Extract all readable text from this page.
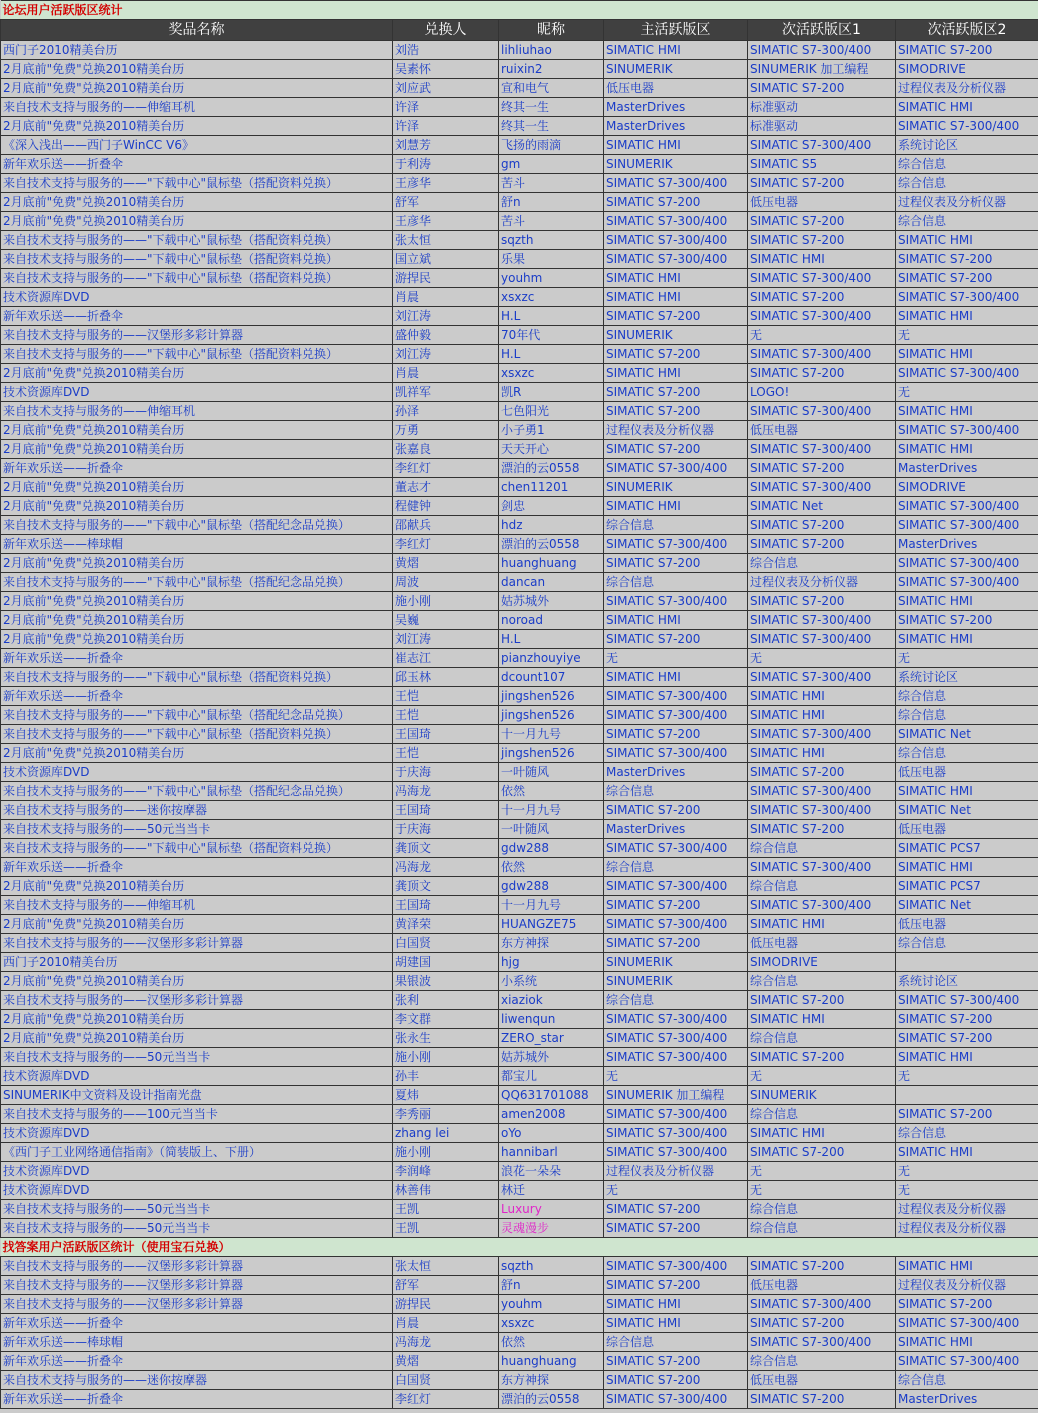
论坛用户活跃版区统计					
奖品名称	兑换人	昵称	主活跃版区	次活跃版区1	次活跃版区2
西门子2010精美台历	刘浩	lihliuhao	SIMATIC HMI	SIMATIC S7-300/400	SIMATIC S7-200
2月底前"免费"兑换2010精美台历	吴素怀	ruixin2	SINUMERIK	SINUMERIK 加工编程	SIMODRIVE
2月底前"免费"兑换2010精美台历	刘应武	宣和电气	低压电器	SIMATIC S7-200	过程仪表及分析仪器
来自技术支持与服务的——伸缩耳机	许泽	终其一生	MasterDrives	标准驱动	SIMATIC HMI
2月底前"免费"兑换2010精美台历	许泽	终其一生	MasterDrives	标准驱动	SIMATIC S7-300/400
《深入浅出——西门子WinCC V6》	刘慧芳	飞扬的雨滴	SIMATIC HMI	SIMATIC S7-300/400	系统讨论区
新年欢乐送——折叠伞	于利涛	gm	SINUMERIK	SIMATIC S5	综合信息
来自技术支持与服务的——"下载中心"鼠标垫（搭配资料兑换）	王彦华	苦斗	SIMATIC S7-300/400	SIMATIC S7-200	综合信息
2月底前"免费"兑换2010精美台历	舒军	舒n	SIMATIC S7-200	低压电器	过程仪表及分析仪器
2月底前"免费"兑换2010精美台历	王彦华	苦斗	SIMATIC S7-300/400	SIMATIC S7-200	综合信息
来自技术支持与服务的——"下载中心"鼠标垫（搭配资料兑换）	张太恒	sqzth	SIMATIC S7-300/400	SIMATIC S7-200	SIMATIC HMI
来自技术支持与服务的——"下载中心"鼠标垫（搭配资料兑换）	国立斌	乐果	SIMATIC S7-300/400	SIMATIC HMI	SIMATIC S7-200
来自技术支持与服务的——"下载中心"鼠标垫（搭配资料兑换）	游捍民	youhm	SIMATIC HMI	SIMATIC S7-300/400	SIMATIC S7-200
技术资源库DVD	肖晨	xsxzc	SIMATIC HMI	SIMATIC S7-200	SIMATIC S7-300/400
新年欢乐送——折叠伞	刘江涛	H.L	SIMATIC S7-200	SIMATIC S7-300/400	SIMATIC HMI
来自技术支持与服务的——汉堡形多彩计算器	盛仲毅	70年代	SINUMERIK	无	无
来自技术支持与服务的——"下载中心"鼠标垫（搭配资料兑换）	刘江涛	H.L	SIMATIC S7-200	SIMATIC S7-300/400	SIMATIC HMI
2月底前"免费"兑换2010精美台历	肖晨	xsxzc	SIMATIC HMI	SIMATIC S7-200	SIMATIC S7-300/400
技术资源库DVD	凯祥军	凯R	SIMATIC S7-200	LOGO!	无
来自技术支持与服务的——伸缩耳机	孙泽	七色阳光	SIMATIC S7-200	SIMATIC S7-300/400	SIMATIC HMI
2月底前"免费"兑换2010精美台历	万勇	小子勇1	过程仪表及分析仪器	低压电器	SIMATIC S7-300/400
2月底前"免费"兑换2010精美台历	张嘉良	天天开心	SIMATIC S7-200	SIMATIC S7-300/400	SIMATIC HMI
新年欢乐送——折叠伞	李红灯	漂泊的云0558	SIMATIC S7-300/400	SIMATIC S7-200	MasterDrives
2月底前"免费"兑换2010精美台历	董志才	chen11201	SINUMERIK	SIMATIC S7-300/400	SIMODRIVE
2月底前"免费"兑换2010精美台历	程健钟	剑忠	SIMATIC HMI	SIMATIC Net	SIMATIC S7-300/400
来自技术支持与服务的——"下载中心"鼠标垫（搭配纪念品兑换）	邵献兵	hdz	综合信息	SIMATIC S7-200	SIMATIC S7-300/400
新年欢乐送——棒球帽	李红灯	漂泊的云0558	SIMATIC S7-300/400	SIMATIC S7-200	MasterDrives
2月底前"免费"兑换2010精美台历	黄熠	huanghuang	SIMATIC S7-200	综合信息	SIMATIC S7-300/400
来自技术支持与服务的——"下载中心"鼠标垫（搭配纪念品兑换）	周波	dancan	综合信息	过程仪表及分析仪器	SIMATIC S7-300/400
2月底前"免费"兑换2010精美台历	施小刚	姑苏城外	SIMATIC S7-300/400	SIMATIC S7-200	SIMATIC HMI
2月底前"免费"兑换2010精美台历	吴巍	noroad	SIMATIC HMI	SIMATIC S7-300/400	SIMATIC S7-200
2月底前"免费"兑换2010精美台历	刘江涛	H.L	SIMATIC S7-200	SIMATIC S7-300/400	SIMATIC HMI
新年欢乐送——折叠伞	崔志江	pianzhouyiye	无	无	无
来自技术支持与服务的——"下载中心"鼠标垫（搭配资料兑换）	邱玉林	dcount107	SIMATIC HMI	SIMATIC S7-300/400	系统讨论区
新年欢乐送——折叠伞	王恺	jingshen526	SIMATIC S7-300/400	SIMATIC HMI	综合信息
来自技术支持与服务的——"下载中心"鼠标垫（搭配纪念品兑换）	王恺	jingshen526	SIMATIC S7-300/400	SIMATIC HMI	综合信息
来自技术支持与服务的——"下载中心"鼠标垫（搭配资料兑换）	王国琦	十一月九号	SIMATIC S7-200	SIMATIC S7-300/400	SIMATIC Net
2月底前"免费"兑换2010精美台历	王恺	jingshen526	SIMATIC S7-300/400	SIMATIC HMI	综合信息
技术资源库DVD	于庆海	一叶随风	MasterDrives	SIMATIC S7-200	低压电器
来自技术支持与服务的——"下载中心"鼠标垫（搭配纪念品兑换）	冯海龙	依然	综合信息	SIMATIC S7-300/400	SIMATIC HMI
来自技术支持与服务的——迷你按摩器	王国琦	十一月九号	SIMATIC S7-200	SIMATIC S7-300/400	SIMATIC Net
来自技术支持与服务的——50元当当卡	于庆海	一叶随风	MasterDrives	SIMATIC S7-200	低压电器
来自技术支持与服务的——"下载中心"鼠标垫（搭配资料兑换）	龚顶文	gdw288	SIMATIC S7-300/400	综合信息	SIMATIC PCS7
新年欢乐送——折叠伞	冯海龙	依然	综合信息	SIMATIC S7-300/400	SIMATIC HMI
2月底前"免费"兑换2010精美台历	龚顶文	gdw288	SIMATIC S7-300/400	综合信息	SIMATIC PCS7
来自技术支持与服务的——伸缩耳机	王国琦	十一月九号	SIMATIC S7-200	SIMATIC S7-300/400	SIMATIC Net
2月底前"免费"兑换2010精美台历	黄泽荣	HUANGZE75	SIMATIC S7-300/400	SIMATIC HMI	低压电器
来自技术支持与服务的——汉堡形多彩计算器	白国贤	东方神探	SIMATIC S7-200	低压电器	综合信息
西门子2010精美台历	胡建国	hjg	SINUMERIK	SIMODRIVE	
2月底前"免费"兑换2010精美台历	果银波	小系统	SINUMERIK	综合信息	系统讨论区
来自技术支持与服务的——汉堡形多彩计算器	张利	xiaziok	综合信息	SIMATIC S7-200	SIMATIC S7-300/400
2月底前"免费"兑换2010精美台历	李文群	liwenqun	SIMATIC S7-300/400	SIMATIC HMI	SIMATIC S7-200
2月底前"免费"兑换2010精美台历	张永生	ZERO_star	SIMATIC S7-300/400	综合信息	SIMATIC S7-200
来自技术支持与服务的——50元当当卡	施小刚	姑苏城外	SIMATIC S7-300/400	SIMATIC S7-200	SIMATIC HMI
技术资源库DVD	孙丰	都宝儿	无	无	无
SINUMERIK中文资料及设计指南光盘	夏炜	QQ631701088	SINUMERIK 加工编程	SINUMERIK	
来自技术支持与服务的——100元当当卡	李秀丽	amen2008	SIMATIC S7-300/400	综合信息	SIMATIC S7-200
技术资源库DVD	zhang lei	oYo	SIMATIC S7-300/400	SIMATIC HMI	综合信息
《西门子工业网络通信指南》（简装版上、下册）	施小刚	hannibarl	SIMATIC S7-300/400	SIMATIC S7-200	SIMATIC HMI
技术资源库DVD	李润峰	浪花一朵朵	过程仪表及分析仪器	无	无
技术资源库DVD	林善伟	林迁	无	无	无
来自技术支持与服务的——50元当当卡	王凯	Luxury	SIMATIC S7-200	综合信息	过程仪表及分析仪器
来自技术支持与服务的——50元当当卡	王凯	灵魂漫步	SIMATIC S7-200	综合信息	过程仪表及分析仪器
找答案用户活跃版区统计（使用宝石兑换）					
来自技术支持与服务的——汉堡形多彩计算器	张太恒	sqzth	SIMATIC S7-300/400	SIMATIC S7-200	SIMATIC HMI
来自技术支持与服务的——汉堡形多彩计算器	舒军	舒n	SIMATIC S7-200	低压电器	过程仪表及分析仪器
来自技术支持与服务的——汉堡形多彩计算器	游捍民	youhm	SIMATIC HMI	SIMATIC S7-300/400	SIMATIC S7-200
新年欢乐送——折叠伞	肖晨	xsxzc	SIMATIC HMI	SIMATIC S7-200	SIMATIC S7-300/400
新年欢乐送——棒球帽	冯海龙	依然	综合信息	SIMATIC S7-300/400	SIMATIC HMI
新年欢乐送——折叠伞	黄熠	huanghuang	SIMATIC S7-200	综合信息	SIMATIC S7-300/400
来自技术支持与服务的——迷你按摩器	白国贤	东方神探	SIMATIC S7-200	低压电器	综合信息
新年欢乐送——折叠伞	李红灯	漂泊的云0558	SIMATIC S7-300/400	SIMATIC S7-200	MasterDrives
